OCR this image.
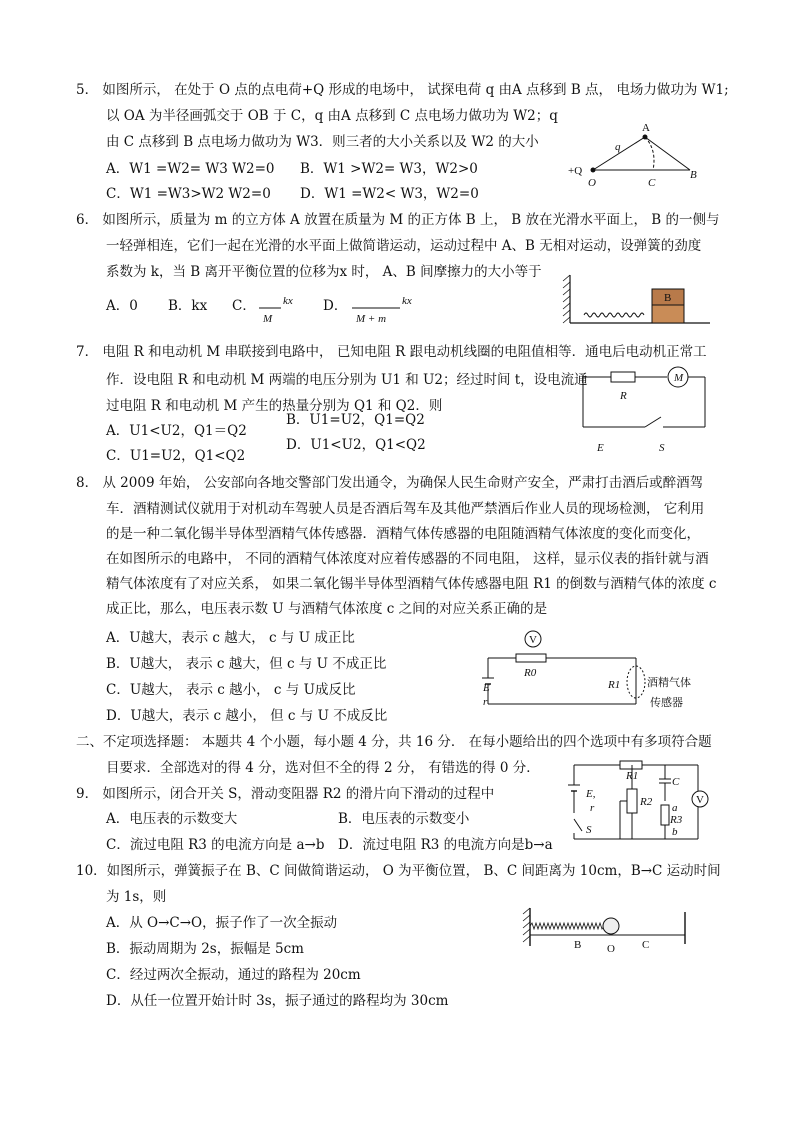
5． 如图所示， 在处于 O 点的点电荷+Q 形成的电场中， 试探电荷 q 由A 点移到 B 点， 电场力做功为 W1;
以 OA 为半径画弧交于 OB 于 C，q 由A 点移到 C 点电场力做功为 W2；q
由 C 点移到 B 点电场力做功为 W3．则三者的大小关系以及 W2 的大小
A．W1 =W2= W3 W2=0 B．W1 >W2= W3，W2>0
C．W1 =W3>W2 W2=0 D．W1 =W2< W3，W2=0
A
q
+Q
O	C
B
6． 如图所示，质量为 m 的立方体 A 放置在质量为 M 的正方体 B 上， B 放在光滑水平面上， B 的一侧与
一轻弹相连，它们一起在光滑的水平面上做简谐运动，运动过程中 A、B 无相对运动，设弹簧的劲度
系数为 k，当 B 离开平衡位置的位移为x 时， A、B 间摩擦力的大小等于
A．0 B．kx C． kx
M
D．	kx
M + m
B
7． 电阻 R 和电动机 M 串联接到电路中， 已知电阻 R 跟电动机线圈的电阻值相等．通电后电动机正常工
作．设电阻 R 和电动机 M 两端的电压分别为 U1 和 U2；经过时间 t，设电流通
过电阻 R 和电动机 M 产生的热量分别为 Q1 和 Q2．则
A．U1<U2，Q1＝Q2
B．U1=U2，Q1=Q2
D．U1<U2，Q1<Q2
C．U1=U2，Q1<Q2
M
R
E	S
8． 从 2009 年始， 公安部向各地交警部门发出通令，为确保人民生命财产安全，严肃打击酒后或醉酒驾
车．酒精测试仪就用于对机动车驾驶人员是否酒后驾车及其他严禁酒后作业人员的现场检测， 它利用
的是一种二氧化锡半导体型酒精气体传感器．酒精气体传感器的电阻随酒精气体浓度的变化而变化，
在如图所示的电路中， 不同的酒精气体浓度对应着传感器的不同电阻， 这样，显示仪表的指针就与酒
精气体浓度有了对应关系， 如果二氧化锡半导体型酒精气体传感器电阻 R1 的倒数与酒精气体的浓度 c
成正比，那么，电压表示数 U 与酒精气体浓度 c 之间的对应关系正确的是
A．U越大，表示 c 越大， c 与 U 成正比
B．U越大， 表示 c 越大，但 c 与 U 不成正比
C．U越大， 表示 c 越小， c 与 U成反比
D．U越大，表示 c 越小， 但 c 与 U 不成反比
V
R0
E
r
R1 酒精气体
传感器
二、不定项选择题： 本题共 4 个小题，每小题 4 分，共 16 分． 在每小题给出的四个选项中有多项符合题
目要求．全部选对的得 4 分，选对但不全的得 2 分， 有错选的得 0 分．
9． 如图所示，闭合开关 S，滑动变阻器 R2 的滑片向下滑动的过程中
A．电压表的示数变大	B．电压表的示数变小
C．流过电阻 R3 的电流方向是 a→b D．流过电阻 R3 的电流方向是b→a
R1
E,
r
S
R2
C
a
R3
b
V
10．如图所示，弹簧振子在 B、C 间做简谐运动， O 为平衡位置， B、C 间距离为 10cm，B→C 运动时间
为 1s，则
A．从 O→C→O，振子作了一次全振动
B．振动周期为 2s，振幅是 5cm
C．经过两次全振动，通过的路程为 20cm
D．从任一位置开始计时 3s，振子通过的路程均为 30cm
B O C
